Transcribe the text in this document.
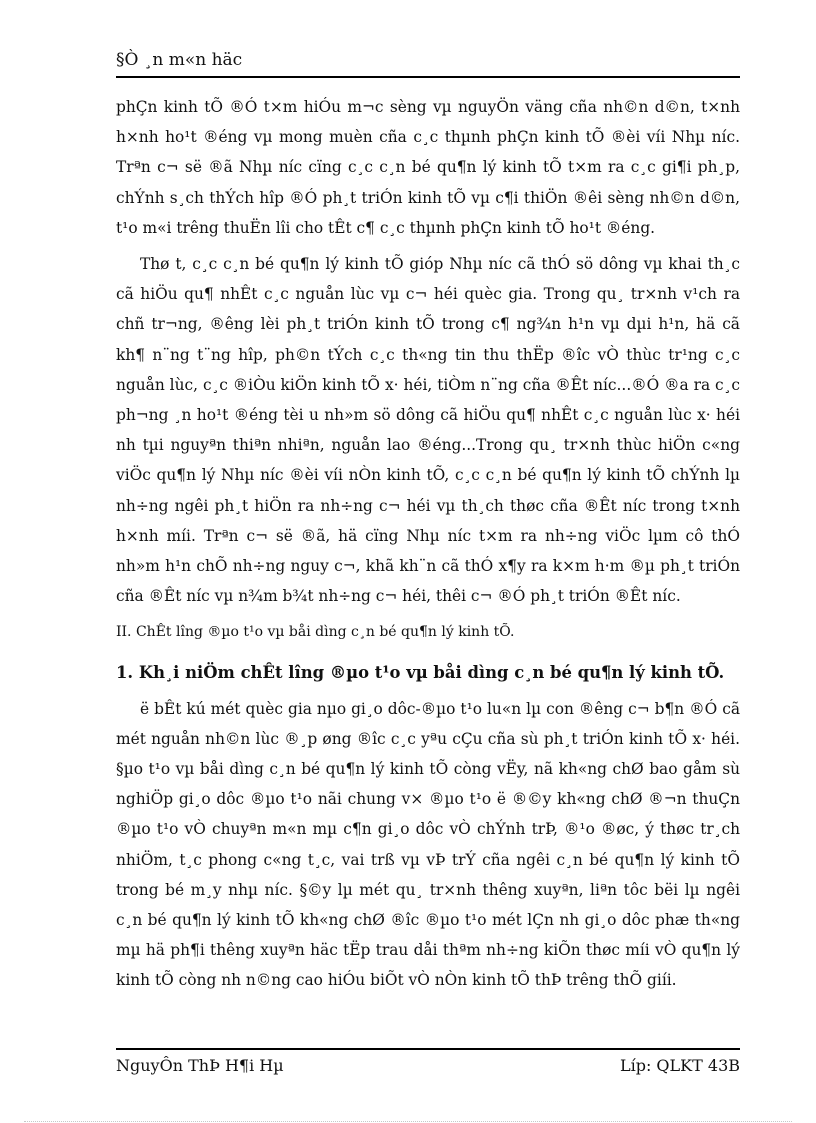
§Ò ¸n m«n häc

phÇn kinh tÕ ®Ó t×m hiÓu m¬c sèng vµ nguyÖn väng cña nh©n d©n, t×nh h×nh ho¹t ®éng vµ mong muèn cña c¸c thµnh phÇn kinh tÕ ®èi víi Nhµ níc. Trªn c¬ së ®ã Nhµ níc cïng c¸c c¸n bé qu¶n lý kinh tÕ t×m ra c¸c gi¶i ph¸p, chÝnh s¸ch thÝch hîp ®Ó ph¸t triÓn kinh tÕ vµ c¶i thiÖn ®êi sèng nh©n d©n, t¹o m«i trêng thuËn lîi cho tÊt c¶ c¸c thµnh phÇn kinh tÕ ho¹t ®éng.

Thø t, c¸c c¸n bé qu¶n lý kinh tÕ gióp Nhµ níc cã thÓ sö dông vµ khai th¸c cã hiÖu qu¶ nhÊt c¸c nguån lùc vµ c¬ héi quèc gia. Trong qu¸ tr×nh v¹ch ra chñ tr¬ng, ®êng lèi ph¸t triÓn kinh tÕ trong c¶ ng¾n h¹n vµ dµi h¹n, hä cã kh¶ n¨ng t¨ng hîp, ph©n tÝch c¸c th«ng tin thu thËp ®îc vÒ thùc tr¹ng c¸c nguån lùc, c¸c ®iÒu kiÖn kinh tÕ x· héi, tiÒm n¨ng cña ®Êt níc...®Ó ®a ra c¸c ph¬ng ¸n ho¹t ®éng tèi u nh»m sö dông cã hiÖu qu¶ nhÊt c¸c nguån lùc x· héi nh tµi nguyªn thiªn nhiªn, nguån lao ®éng...Trong qu¸ tr×nh thùc hiÖn c«ng viÖc qu¶n lý Nhµ níc ®èi víi nÒn kinh tÕ, c¸c c¸n bé qu¶n lý kinh tÕ chÝnh lµ nh÷ng ngêi ph¸t hiÖn ra nh÷ng c¬ héi vµ th¸ch thøc cña ®Êt níc trong t×nh h×nh míi. Trªn c¬ së ®ã, hä cïng Nhµ níc t×m ra nh÷ng viÖc lµm cô thÓ nh»m h¹n chÕ nh÷ng nguy c¬, khã kh¨n cã thÓ x¶y ra k×m h·m ®µ ph¸t triÓn cña ®Êt níc vµ n¾m b¾t nh÷ng c¬ héi, thêi c¬ ®Ó ph¸t triÓn ®Êt níc.

II. ChÊt lîng ®µo t¹o vµ båi dìng c¸n bé qu¶n lý kinh tÕ.

1. Kh¸i niÖm chÊt lîng ®µo t¹o vµ båi dìng c¸n bé qu¶n lý kinh tÕ.

ë bÊt kú mét quèc gia nµo gi¸o dôc-®µo t¹o lu«n lµ con ®êng c¬ b¶n ®Ó cã mét nguån nh©n lùc ®¸p øng ®îc c¸c yªu cÇu cña sù ph¸t triÓn kinh tÕ x· héi. §µo t¹o vµ båi dìng c¸n bé qu¶n lý kinh tÕ còng vËy, nã kh«ng chØ bao gåm sù nghiÖp gi¸o dôc ®µo t¹o nãi chung v× ®µo t¹o ë ®©y kh«ng chØ ®¬n thuÇn ®µo t¹o vÒ chuyªn m«n mµ c¶n gi¸o dôc vÒ chÝnh trÞ, ®¹o ®øc, ý thøc tr¸ch nhiÖm, t¸c phong c«ng t¸c, vai trß vµ vÞ trÝ cña ngêi c¸n bé qu¶n lý kinh tÕ trong bé m¸y nhµ níc. §©y lµ mét qu¸ tr×nh thêng xuyªn, liªn tôc bëi lµ ngêi c¸n bé qu¶n lý kinh tÕ kh«ng chØ ®îc ®µo t¹o mét lÇn nh gi¸o dôc phæ th«ng mµ hä ph¶i thêng xuyªn häc tËp trau dåi thªm nh÷ng kiÕn thøc míi vÒ qu¶n lý kinh tÕ còng nh n©ng cao hiÓu biÕt vÒ nÒn kinh tÕ thÞ trêng thÕ giíi.

NguyÔn ThÞ H¶i Hµ	Líp: QLKT 43B
